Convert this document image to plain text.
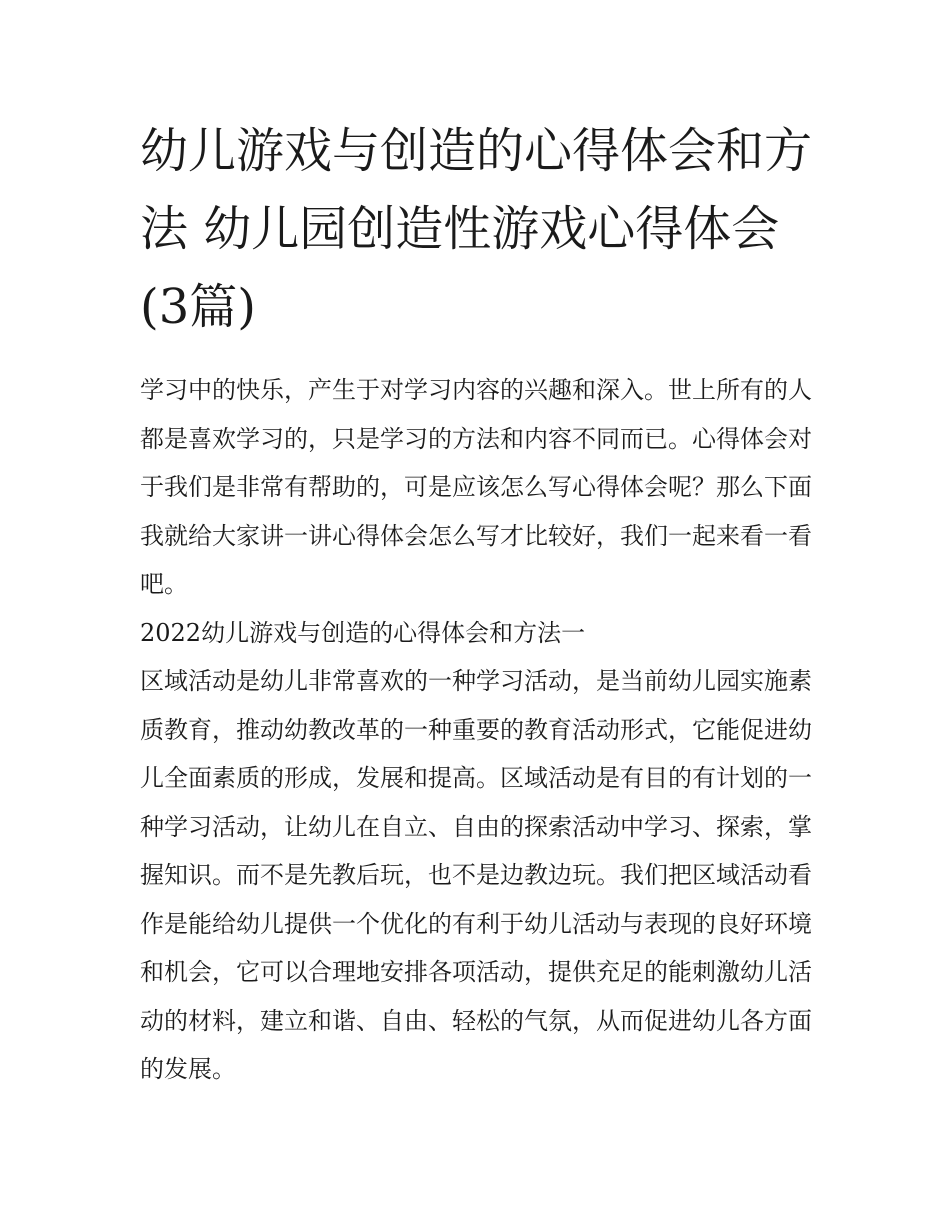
幼儿游戏与创造的心得体会和方法 幼儿园创造性游戏心得体会(3篇)

学习中的快乐，产生于对学习内容的兴趣和深入。世上所有的人都是喜欢学习的，只是学习的方法和内容不同而已。心得体会对于我们是非常有帮助的，可是应该怎么写心得体会呢？那么下面我就给大家讲一讲心得体会怎么写才比较好，我们一起来看一看吧。

2022幼儿游戏与创造的心得体会和方法一

区域活动是幼儿非常喜欢的一种学习活动，是当前幼儿园实施素质教育，推动幼教改革的一种重要的教育活动形式，它能促进幼儿全面素质的形成，发展和提高。区域活动是有目的有计划的一种学习活动，让幼儿在自立、自由的探索活动中学习、探索，掌握知识。而不是先教后玩，也不是边教边玩。我们把区域活动看作是能给幼儿提供一个优化的有利于幼儿活动与表现的良好环境和机会，它可以合理地安排各项活动，提供充足的能刺激幼儿活动的材料，建立和谐、自由、轻松的气氛，从而促进幼儿各方面的发展。
